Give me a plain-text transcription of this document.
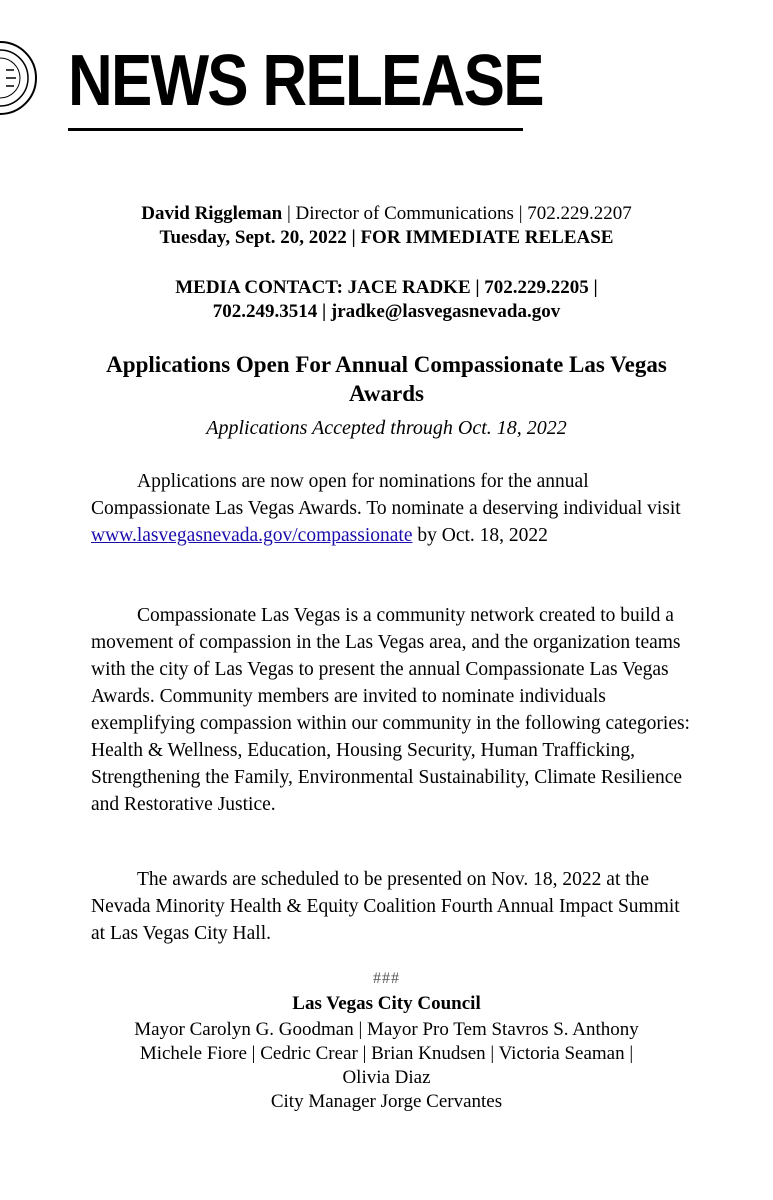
NEWS RELEASE
David Riggleman | Director of Communications | 702.229.2207
Tuesday, Sept. 20, 2022 | FOR IMMEDIATE RELEASE
MEDIA CONTACT: JACE RADKE | 702.229.2205 |
702.249.3514 | jradke@lasvegasnevada.gov
Applications Open For Annual Compassionate Las Vegas Awards
Applications Accepted through Oct. 18, 2022

Applications are now open for nominations for the annual Compassionate Las Vegas Awards. To nominate a deserving individual visit www.lasvegasnevada.gov/compassionate by Oct. 18, 2022

Compassionate Las Vegas is a community network created to build a movement of compassion in the Las Vegas area, and the organization teams with the city of Las Vegas to present the annual Compassionate Las Vegas Awards. Community members are invited to nominate individuals exemplifying compassion within our community in the following categories: Health & Wellness, Education, Housing Security, Human Trafficking, Strengthening the Family, Environmental Sustainability, Climate Resilience and Restorative Justice.

The awards are scheduled to be presented on Nov. 18, 2022 at the Nevada Minority Health & Equity Coalition Fourth Annual Impact Summit at Las Vegas City Hall.

###
Las Vegas City Council
Mayor Carolyn G. Goodman | Mayor Pro Tem Stavros S. Anthony
Michele Fiore | Cedric Crear | Brian Knudsen | Victoria Seaman |
Olivia Diaz
City Manager Jorge Cervantes
